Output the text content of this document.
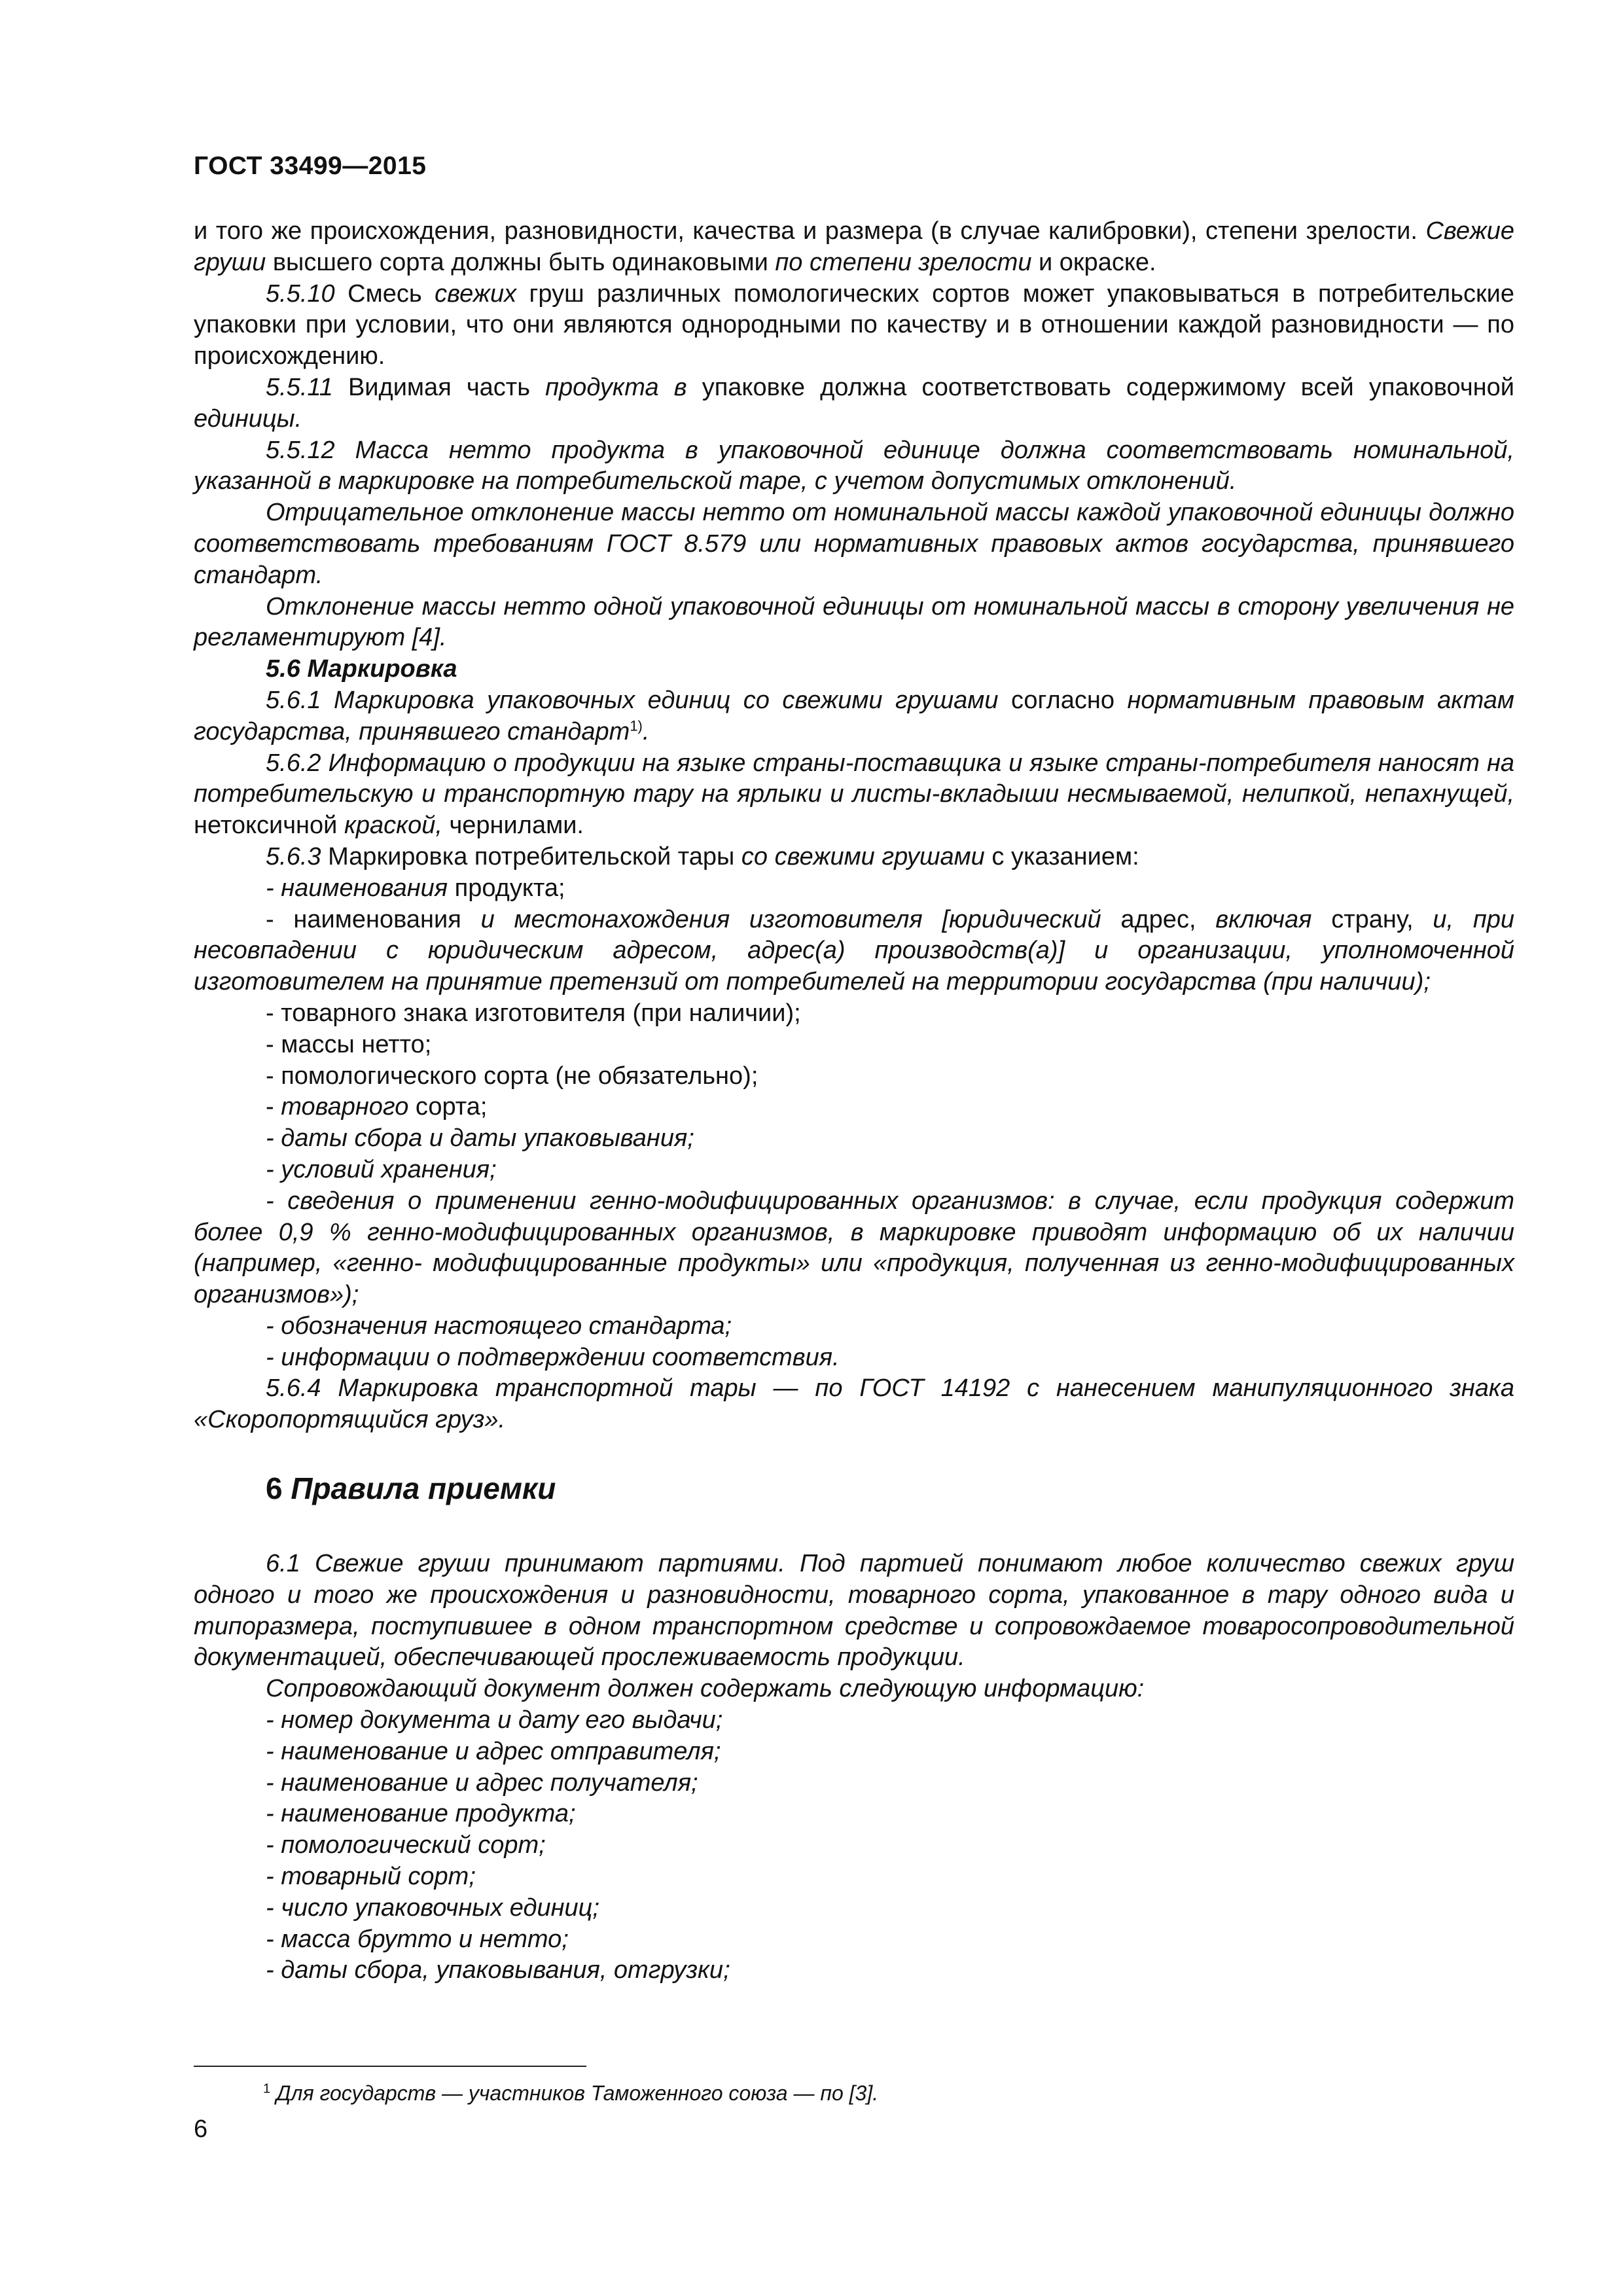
ГОСТ 33499—2015

и того же происхождения, разновидности, качества и размера (в случае калибровки), степени зрелости. Свежие груши высшего сорта должны быть одинаковыми по степени зрелости и окраске.

5.5.10 Смесь свежих груш различных помологических сортов может упаковываться в потребительские упаковки при условии, что они являются однородными по качеству и в отношении каждой разновидности — по происхождению.

5.5.11 Видимая часть продукта в упаковке должна соответствовать содержимому всей упаковочной единицы.

5.5.12 Масса нетто продукта в упаковочной единице должна соответствовать номинальной, указанной в маркировке на потребительской таре, с учетом допустимых отклонений.

Отрицательное отклонение массы нетто от номинальной массы каждой упаковочной единицы должно соответствовать требованиям ГОСТ 8.579 или нормативных правовых актов государства, принявшего стандарт.

Отклонение массы нетто одной упаковочной единицы от номинальной массы в сторону увеличения не регламентируют [4].

5.6 Маркировка

5.6.1 Маркировка упаковочных единиц со свежими грушами согласно нормативным правовым актам государства, принявшего стандарт$^{1)}$.

5.6.2 Информацию о продукции на языке страны-поставщика и языке страны-потребителя наносят на потребительскую и транспортную тару на ярлыки и листы-вкладыши несмываемой, нелипкой, непахнущей, нетоксичной краской, чернилами.

5.6.3 Маркировка потребительской тары со свежими грушами с указанием:

- наименования продукта;

- наименования и местонахождения изготовителя [юридический адрес, включая страну, и, при несовпадении с юридическим адресом, адрес(а) производств(а)] и организации, уполномоченной изготовителем на принятие претензий от потребителей на территории государства (при наличии);

- товарного знака изготовителя (при наличии);

- массы нетто;

- помологического сорта (не обязательно);

- товарного сорта;

- даты сбора и даты упаковывания;

- условий хранения;

- сведения о применении генно-модифицированных организмов: в случае, если продукция содержит более 0,9 % генно-модифицированных организмов, в маркировке приводят информацию об их наличии (например, «генно- модифицированные продукты» или «продукция, полученная из генно-модифицированных организмов»);

- обозначения настоящего стандарта;

- информации о подтверждении соответствия.

5.6.4 Маркировка транспортной тары — по ГОСТ 14192 с нанесением манипуляционного знака «Скоропортящийся груз».

6 Правила приемки

6.1 Свежие груши принимают партиями. Под партией понимают любое количество свежих груш одного и того же происхождения и разновидности, товарного сорта, упакованное в тару одного вида и типоразмера, поступившее в одном транспортном средстве и сопровождаемое товаросопроводительной документацией, обеспечивающей прослеживаемость продукции.

Сопровождающий документ должен содержать следующую информацию:

- номер документа и дату его выдачи;

- наименование и адрес отправителя;

- наименование и адрес получателя;

- наименование продукта;

- помологический сорт;

- товарный сорт;

- число упаковочных единиц;

- масса брутто и нетто;

- даты сбора, упаковывания, отгрузки;

$^1$ Для государств — участников Таможенного союза — по [3].
6
